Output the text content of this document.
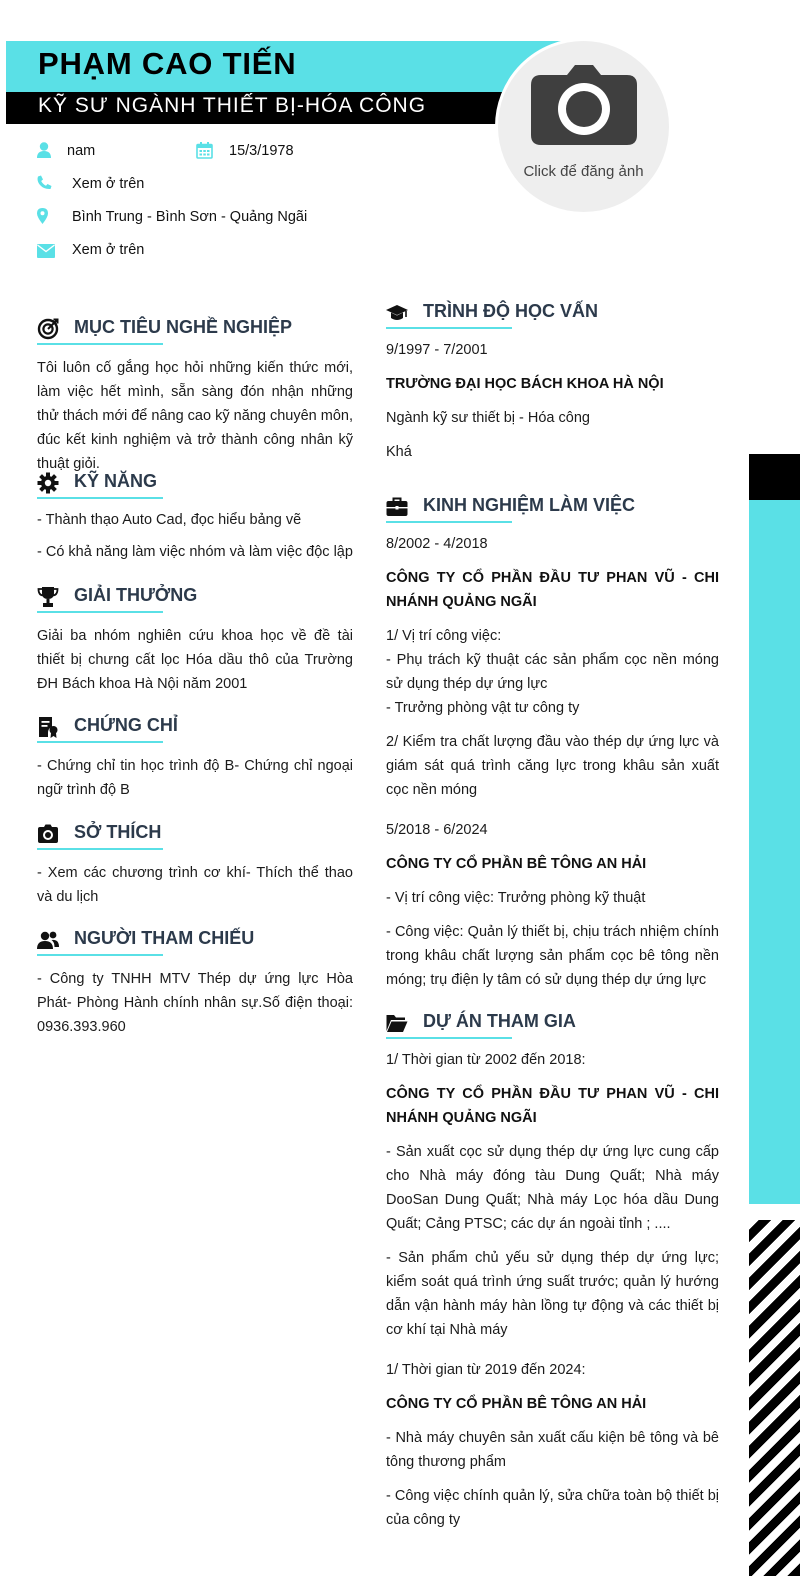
PHẠM CAO TIẾN
KỸ SƯ NGÀNH THIẾT BỊ-HÓA CÔNG
Click để đăng ảnh
nam	15/3/1978
Xem ở trên
Bình Trung - Bình Sơn - Quảng Ngãi
Xem ở trên
MỤC TIÊU NGHỀ NGHIỆP

Tôi luôn cố gắng học hỏi những kiến thức mới, làm việc hết mình, sẵn sàng đón nhận những thử thách mới để nâng cao kỹ năng chuyên môn, đúc kết kinh nghiệm và trở thành công nhân kỹ thuật giỏi.

KỸ NĂNG

- Thành thạo Auto Cad, đọc hiểu bảng vẽ

- Có khả năng làm việc nhóm và làm việc độc lập

GIẢI THƯỞNG

Giải ba nhóm nghiên cứu khoa học về đề tài thiết bị chưng cất lọc Hóa dầu thô của Trường ĐH Bách khoa Hà Nội năm 2001

CHỨNG CHỈ

- Chứng chỉ tin học trình độ B- Chứng chỉ ngoại ngữ trình độ B

SỞ THÍCH

- Xem các chương trình cơ khí- Thích thể thao và du lịch

NGƯỜI THAM CHIẾU

- Công ty TNHH MTV Thép dự ứng lực Hòa Phát- Phòng Hành chính nhân sự.Số điện thoại: 0936.393.960

TRÌNH ĐỘ HỌC VẤN

9/1997 - 7/2001

TRƯỜNG ĐẠI HỌC BÁCH KHOA HÀ NỘI

Ngành kỹ sư thiết bị - Hóa công

Khá

KINH NGHIỆM LÀM VIỆC

8/2002 - 4/2018

CÔNG TY CỔ PHẦN ĐẦU TƯ PHAN VŨ - CHI NHÁNH QUẢNG NGÃI

1/ Vị trí công việc:

- Phụ trách kỹ thuật các sản phẩm cọc nền móng sử dụng thép dự ứng lực

- Trưởng phòng vật tư công ty

2/ Kiểm tra chất lượng đầu vào thép dự ứng lực và giám sát quá trình căng lực trong khâu sản xuất cọc nền móng

5/2018 - 6/2024

CÔNG TY CỔ PHẦN BÊ TÔNG AN HẢI

- Vị trí công việc: Trưởng phòng kỹ thuật

- Công việc: Quản lý thiết bị, chịu trách nhiệm chính trong khâu chất lượng sản phẩm cọc bê tông nền móng; trụ điện ly tâm có sử dụng thép dự ứng lực

DỰ ÁN THAM GIA

1/ Thời gian từ 2002 đến 2018:

CÔNG TY CỔ PHẦN ĐẦU TƯ PHAN VŨ - CHI NHÁNH QUẢNG NGÃI

- Sản xuất cọc sử dụng thép dự ứng lực cung cấp cho Nhà máy đóng tàu Dung Quất; Nhà máy DooSan Dung Quất; Nhà máy Lọc hóa dầu Dung Quất; Cảng PTSC; các dự án ngoài tỉnh ; ....

- Sản phẩm chủ yếu sử dụng thép dự ứng lực; kiểm soát quá trình ứng suất trước; quản lý hướng dẫn vận hành máy hàn lồng tự động và các thiết bị cơ khí tại Nhà máy

1/ Thời gian từ 2019 đến 2024:

CÔNG TY CỔ PHẦN BÊ TÔNG AN HẢI

- Nhà máy chuyên sản xuất cấu kiện bê tông và bê tông thương phẩm

- Công việc chính quản lý, sửa chữa toàn bộ thiết bị của công ty
